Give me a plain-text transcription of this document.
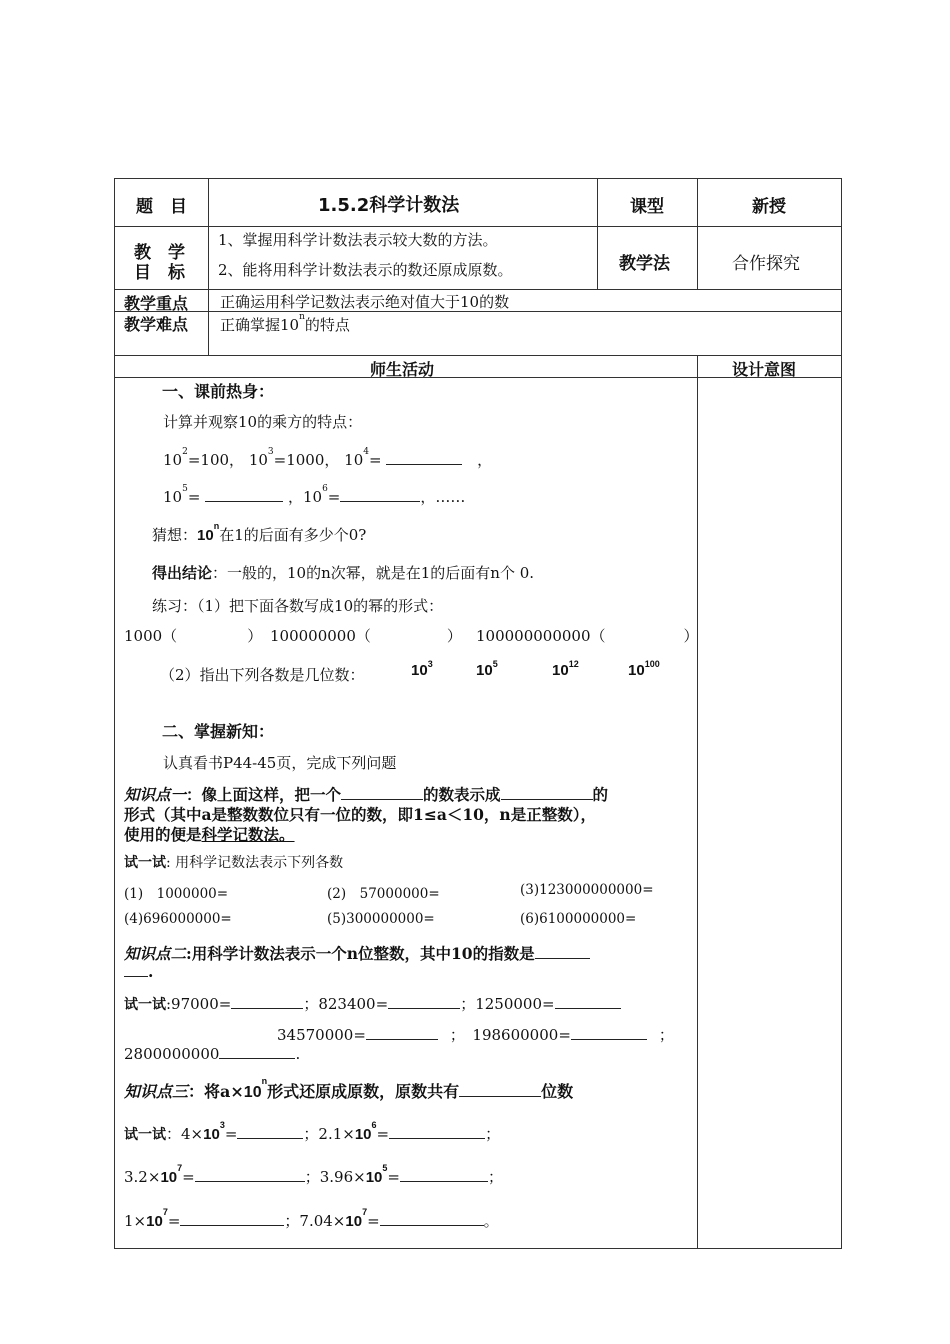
题　目	1.5.2科学计数法	课型	新授
教　学
目　标
1、掌握用科学计数法表示较大数的方法。
2、能将用科学计数法表示的数还原成原数。	教学法	合作探究
教学重点 正确运用科学记数法表示绝对值大于10的数
教学难点 正确掌握10$^n$的特点
师生活动	设计意图
一、课前热身：
计算并观察10的乘方的特点：
$10^2=100$， $10^3=1000$， $10^4=$	，
$10^5=$	，$10^6=$	，……
猜想：10$^n$在1的后面有多少个0?
得出结论：一般的，10的n次幂，就是在1的后面有n个 0.
练习：（1）把下面各数写成10的幂的形式：
1000（	） 100000000（	） 100000000000（	）
（2）指出下列各数是几位数：	$10^3$	$10^5$	$10^{12}$	$10^{100}$
二、掌握新知：
认真看书P44-45页，完成下列问题
知识点一：像上面这样，把一个	的数表示成	的
形式（其中a是整数数位只有一位的数，即1≤a＜10，n是正整数），
使用的便是科学记数法。
试一试: 用科学记数法表示下列各数
(1)　1000000=	(2)　57000000=	(3)123000000000=
(4)696000000=	(5)300000000=	(6)6100000000=
知识点二:用科学计数法表示一个n位整数，其中10的指数是
.
试一试:97000=	；823400=	；1250000=
34570000=	；　198600000=	；
2800000000	.
知识点三：将$a\times 10^n$形式还原成原数，原数共有	位数
试一试：$4\times 10^3=$	；$2.1\times 10^6=$	；
$3.2\times 10^7=$	；$3.96\times 10^5=$	；
$1\times 10^7=$	；$7.04\times 10^7=$	。
